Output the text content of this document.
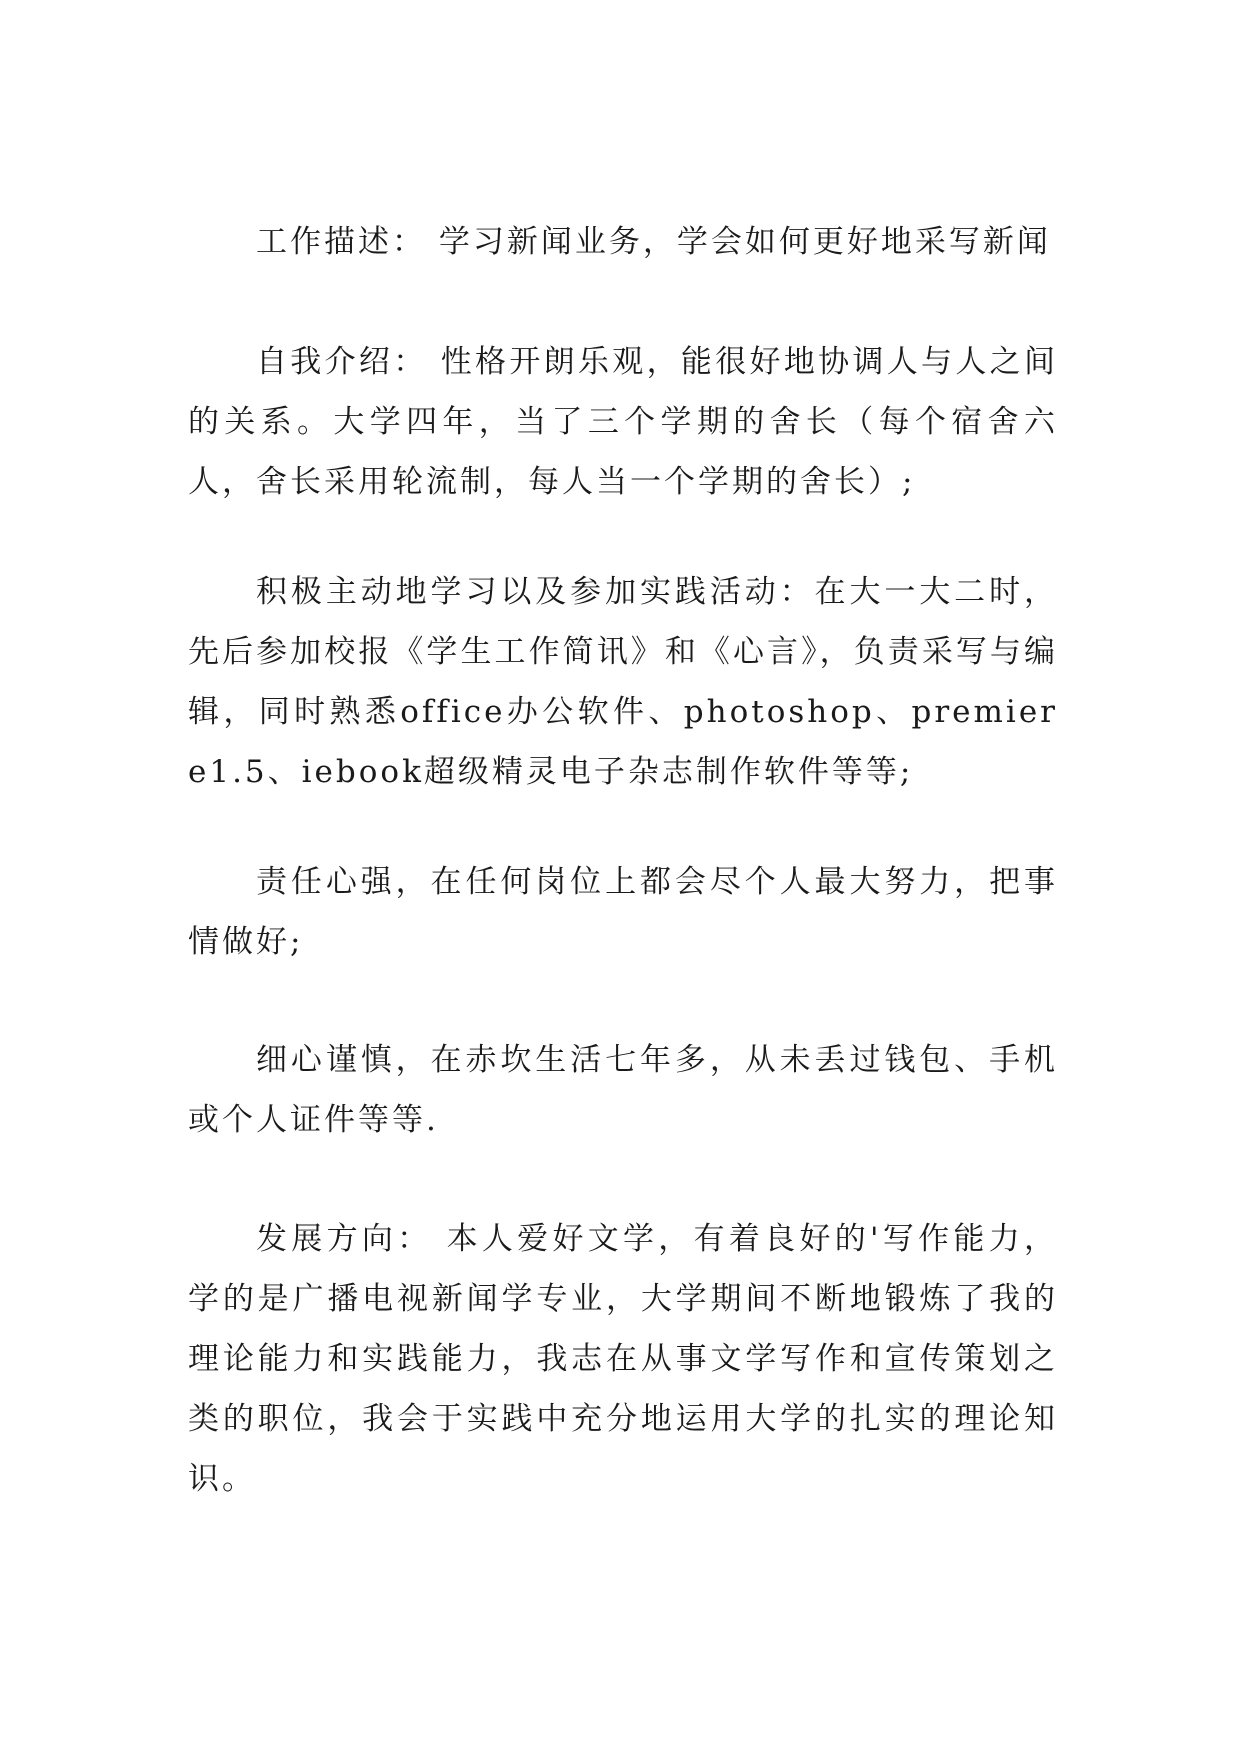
工作描述： 学习新闻业务，学会如何更好地采写新闻

自我介绍： 性格开朗乐观，能很好地协调人与人之间的关系。大学四年，当了三个学期的舍长（每个宿舍六人，舍长采用轮流制，每人当一个学期的舍长）;

积极主动地学习以及参加实践活动：在大一大二时，先后参加校报《学生工作简讯》和《心言》，负责采写与编辑，同时熟悉office办公软件、photoshop、premiere1.5、iebook超级精灵电子杂志制作软件等等;

责任心强，在任何岗位上都会尽个人最大努力，把事情做好;

细心谨慎，在赤坎生活七年多，从未丢过钱包、手机或个人证件等等.

发展方向： 本人爱好文学，有着良好的'写作能力，学的是广播电视新闻学专业，大学期间不断地锻炼了我的理论能力和实践能力，我志在从事文学写作和宣传策划之类的职位，我会于实践中充分地运用大学的扎实的理论知识。
